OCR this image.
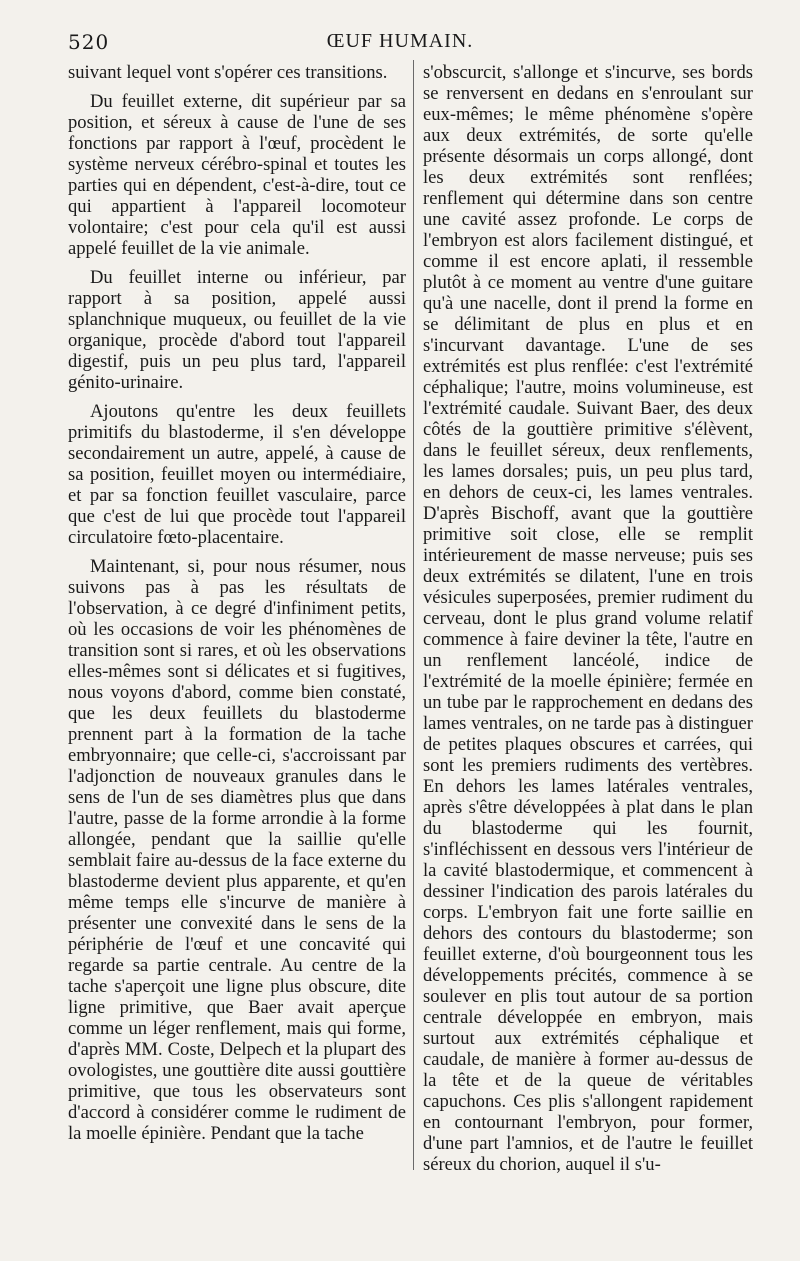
520	ŒUF HUMAIN.

suivant lequel vont s'opérer ces transitions.

Du feuillet externe, dit supérieur par sa position, et séreux à cause de l'une de ses fonctions par rapport à l'œuf, procèdent le système nerveux cérébro-spinal et toutes les parties qui en dépendent, c'est-à-dire, tout ce qui appartient à l'appareil locomoteur volontaire; c'est pour cela qu'il est aussi appelé feuillet de la vie animale.

Du feuillet interne ou inférieur, par rapport à sa position, appelé aussi splanchnique muqueux, ou feuillet de la vie organique, procède d'abord tout l'appareil digestif, puis un peu plus tard, l'appareil génito-urinaire.

Ajoutons qu'entre les deux feuillets primitifs du blastoderme, il s'en développe secondairement un autre, appelé, à cause de sa position, feuillet moyen ou intermédiaire, et par sa fonction feuillet vasculaire, parce que c'est de lui que procède tout l'appareil circulatoire fœto-placentaire.

Maintenant, si, pour nous résumer, nous suivons pas à pas les résultats de l'observation, à ce degré d'infiniment petits, où les occasions de voir les phénomènes de transition sont si rares, et où les observations elles-mêmes sont si délicates et si fugitives, nous voyons d'abord, comme bien constaté, que les deux feuillets du blastoderme prennent part à la formation de la tache embryonnaire; que celle-ci, s'accroissant par l'adjonction de nouveaux granules dans le sens de l'un de ses diamètres plus que dans l'autre, passe de la forme arrondie à la forme allongée, pendant que la saillie qu'elle semblait faire au-dessus de la face externe du blastoderme devient plus apparente, et qu'en même temps elle s'incurve de manière à présenter une convexité dans le sens de la périphérie de l'œuf et une concavité qui regarde sa partie centrale. Au centre de la tache s'aperçoit une ligne plus obscure, dite ligne primitive, que Baer avait aperçue comme un léger renflement, mais qui forme, d'après MM. Coste, Delpech et la plupart des ovologistes, une gouttière dite aussi gouttière primitive, que tous les observateurs sont d'accord à considérer comme le rudiment de la moelle épinière. Pendant que la tache

s'obscurcit, s'allonge et s'incurve, ses bords se renversent en dedans en s'enroulant sur eux-mêmes; le même phénomène s'opère aux deux extrémités, de sorte qu'elle présente désormais un corps allongé, dont les deux extrémités sont renflées; renflement qui détermine dans son centre une cavité assez profonde. Le corps de l'embryon est alors facilement distingué, et comme il est encore aplati, il ressemble plutôt à ce moment au ventre d'une guitare qu'à une nacelle, dont il prend la forme en se délimitant de plus en plus et en s'incurvant davantage. L'une de ses extrémités est plus renflée: c'est l'extrémité céphalique; l'autre, moins volumineuse, est l'extrémité caudale. Suivant Baer, des deux côtés de la gouttière primitive s'élèvent, dans le feuillet séreux, deux renflements, les lames dorsales; puis, un peu plus tard, en dehors de ceux-ci, les lames ventrales. D'après Bischoff, avant que la gouttière primitive soit close, elle se remplit intérieurement de masse nerveuse; puis ses deux extrémités se dilatent, l'une en trois vésicules superposées, premier rudiment du cerveau, dont le plus grand volume relatif commence à faire deviner la tête, l'autre en un renflement lancéolé, indice de l'extrémité de la moelle épinière; fermée en un tube par le rapprochement en dedans des lames ventrales, on ne tarde pas à distinguer de petites plaques obscures et carrées, qui sont les premiers rudiments des vertèbres. En dehors les lames latérales ventrales, après s'être développées à plat dans le plan du blastoderme qui les fournit, s'infléchissent en dessous vers l'intérieur de la cavité blastodermique, et commencent à dessiner l'indication des parois latérales du corps. L'embryon fait une forte saillie en dehors des contours du blastoderme; son feuillet externe, d'où bourgeonnent tous les développements précités, commence à se soulever en plis tout autour de sa portion centrale développée en embryon, mais surtout aux extrémités céphalique et caudale, de manière à former au-dessus de la tête et de la queue de véritables capuchons. Ces plis s'allongent rapidement en contournant l'embryon, pour former, d'une part l'amnios, et de l'autre le feuillet séreux du chorion, auquel il s'u-
